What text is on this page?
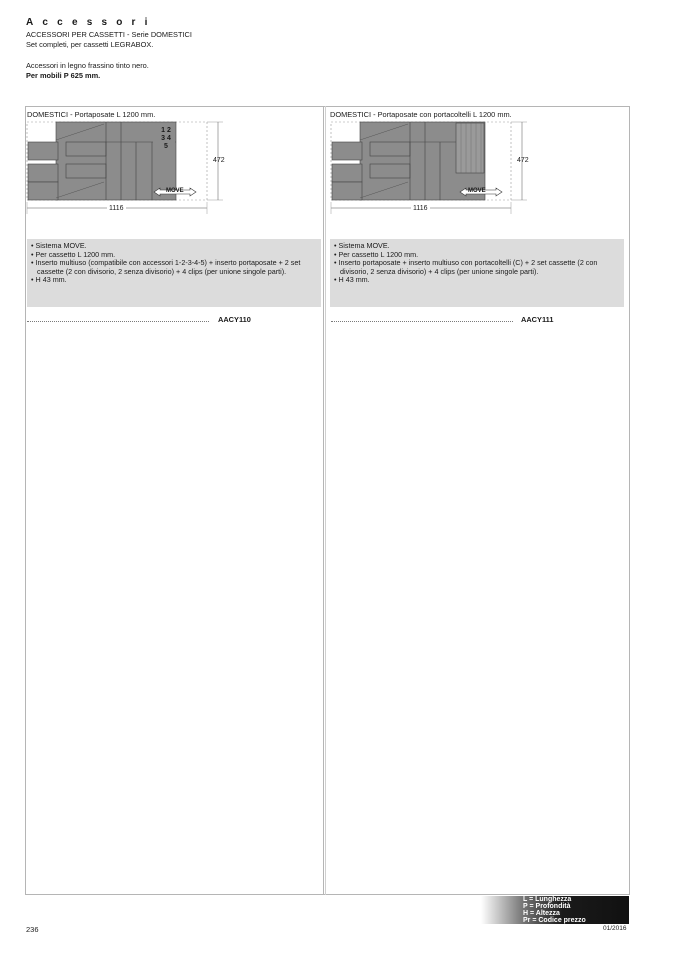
Accessori
ACCESSORI PER CASSETTI - Serie DOMESTICI
Set completi, per cassetti LEGRABOX.
Accessori in legno frassino tinto nero.
Per mobili P 625 mm.
DOMESTICI - Portaposate L 1200 mm.
1 2
3 4
5
MOVE
472
1116
• Sistema MOVE.
• Per cassetto L 1200 mm.
• Inserto multiuso (compatibile con accessori 1-2-3-4-5) + inserto portaposate + 2 set cassette (2 con divisorio, 2 senza divisorio) + 4 clips (per unione singole parti).
• H 43 mm.
AACY110
DOMESTICI - Portaposate con portacoltelli L 1200 mm.
MOVE
472
1116
• Sistema MOVE.
• Per cassetto L 1200 mm.
• Inserto portaposate + inserto multiuso con portacoltelli (C) + 2 set cassette (2 con divisorio, 2 senza divisorio) + 4 clips (per unione singole parti).
• H 43 mm.
AACY111
L = Lunghezza
P = Profondità
H = Altezza
Pr = Codice prezzo
236	01/2016
